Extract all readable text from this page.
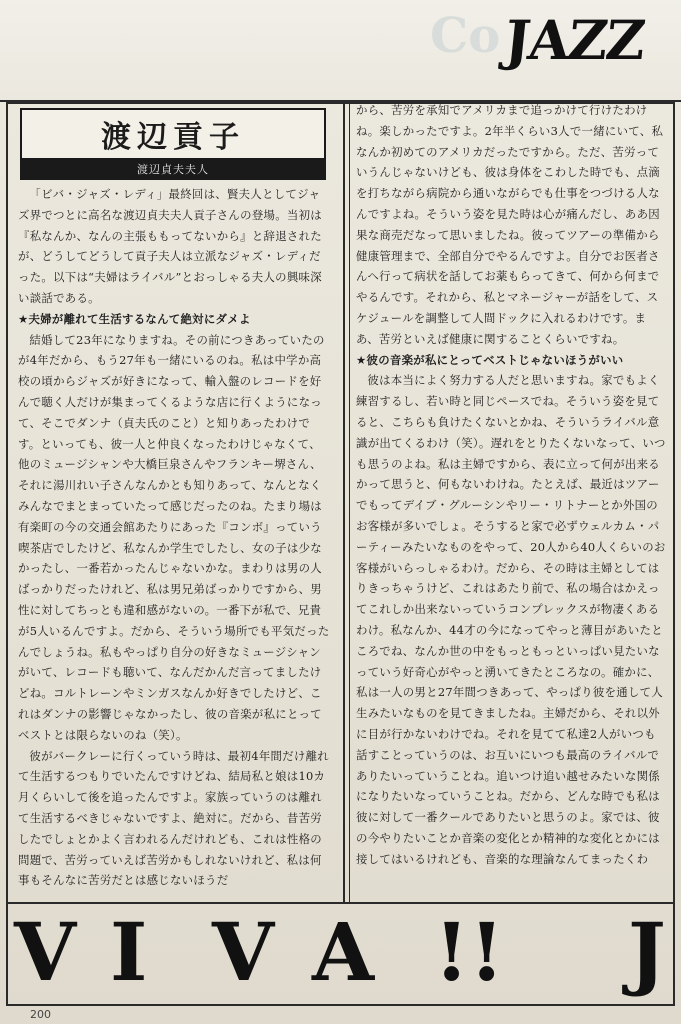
Co JAZZ
渡辺貢子
渡辺貞夫夫人

「ビバ・ジャズ・レディ」最終回は、賢夫人としてジャズ界でつとに高名な渡辺貞夫夫人貢子さんの登場。当初は『私なんか、なんの主張ももってないから』と辞退されたが、どうしてどうして貢子夫人は立派なジャズ・レディだった。以下は“夫婦はライバル”とおっしゃる夫人の興味深い談話である。

★夫婦が離れて生活するなんて絶対にダメよ

結婚して23年になりますね。その前につきあっていたのが4年だから、もう27年も一緒にいるのね。私は中学か高校の頃からジャズが好きになって、輸入盤のレコードを好んで聴く人だけが集まってくるような店に行くようになって、そこでダンナ（貞夫氏のこと）と知りあったわけです。といっても、彼一人と仲良くなったわけじゃなくて、他のミュージシャンや大橋巨泉さんやフランキー堺さん、それに湯川れい子さんなんかとも知りあって、なんとなくみんなでまとまっていたって感じだったのね。たまり場は有楽町の今の交通会館あたりにあった『コンボ』っていう喫茶店でしたけど、私なんか学生でしたし、女の子は少なかったし、一番若かったんじゃないかな。まわりは男の人ばっかりだったけれど、私は男兄弟ばっかりですから、男性に対してちっとも違和感がないの。一番下が私で、兄貴が5人いるんですよ。だから、そういう場所でも平気だったんでしょうね。私もやっぱり自分の好きなミュージシャンがいて、レコードも聴いて、なんだかんだ言ってましたけどね。コルトレーンやミンガスなんか好きでしたけど、これはダンナの影響じゃなかったし、彼の音楽が私にとってベストとは限らないのね（笑）。

彼がバークレーに行くっていう時は、最初4年間だけ離れて生活するつもりでいたんですけどね、結局私と娘は10カ月くらいして後を追ったんですよ。家族っていうのは離れて生活するべきじゃないですよ、絶対に。だから、昔苦労したでしょとかよく言われるんだけれども、これは性格の問題で、苦労っていえば苦労かもしれないけれど、私は何事もそんなに苦労だとは感じないほうだ

から、苦労を承知でアメリカまで追っかけて行けたわけね。楽しかったですよ。2年半くらい3人で一緒にいて、私なんか初めてのアメリカだったですから。ただ、苦労っていうんじゃないけども、彼は身体をこわした時でも、点滴を打ちながら病院から通いながらでも仕事をつづける人なんですよね。そういう姿を見た時は心が痛んだし、ああ因果な商売だなって思いましたね。彼ってツアーの準備から健康管理まで、全部自分でやるんですよ。自分でお医者さんへ行って病状を話してお薬もらってきて、何から何までやるんです。それから、私とマネージャーが話をして、スケジュールを調整して人間ドックに入れるわけです。まあ、苦労といえば健康に関することくらいですね。

★彼の音楽が私にとってベストじゃないほうがいい

彼は本当によく努力する人だと思いますね。家でもよく練習するし、若い時と同じペースでね。そういう姿を見てると、こちらも負けたくないとかね、そういうライバル意識が出てくるわけ（笑）。遅れをとりたくないなって、いつも思うのよね。私は主婦ですから、表に立って何が出来るかって思うと、何もないわけね。たとえば、最近はツアーでもってデイブ・グルーシンやリー・リトナーとか外国のお客様が多いでしょ。そうすると家で必ずウェルカム・パーティーみたいなものをやって、20人から40人くらいのお客様がいらっしゃるわけ。だから、その時は主婦としてはりきっちゃうけど、これはあたり前で、私の場合はかえってこれしか出来ないっていうコンプレックスが物凄くあるわけ。私なんか、44才の今になってやっと薄目があいたところでね、なんか世の中をもっともっといっぱい見たいなっていう好奇心がやっと湧いてきたところなの。確かに、私は一人の男と27年間つきあって、やっぱり彼を通して人生みたいなものを見てきましたね。主婦だから、それ以外に目が行かないわけでね。それを見てて私達2人がいつも話すことっていうのは、お互いにいつも最高のライバルでありたいっていうことね。追いつけ追い越せみたいな関係になりたいなっていうことね。だから、どんな時でも私は彼に対して一番クールでありたいと思うのよ。家では、彼の今やりたいことか音楽の変化とか精神的な変化とかには接してはいるけれども、音楽的な理論なんてまったくわ

V I V A !! J
200
